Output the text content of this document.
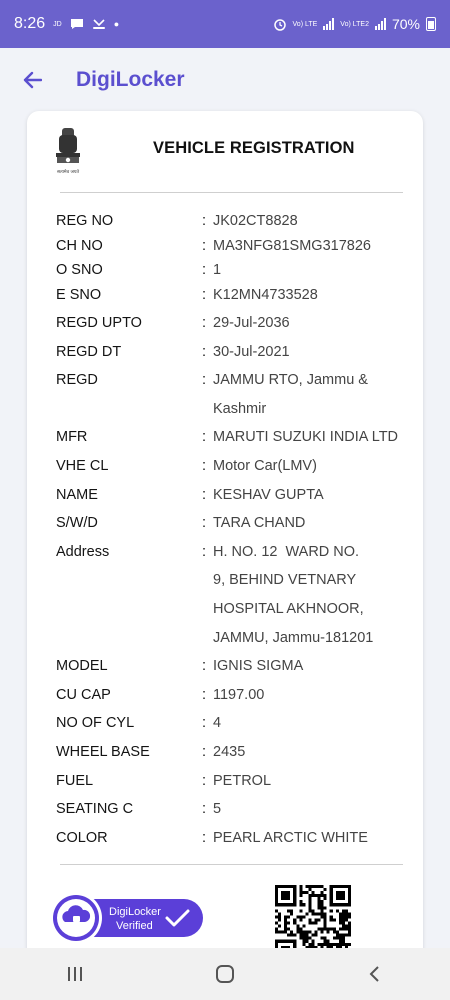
8:26 JD	●	Vo) LTE	Vo) LTE2 70%
DigiLocker
सत्यमेव जयते
VEHICLE REGISTRATION
REG NO	: JK02CT8828
CH NO	: MA3NFG81SMG317826
O SNO	: 1
E SNO	: K12MN4733528
REGD UPTO	: 29-Jul-2036
REGD DT	: 30-Jul-2021
REGD	: JAMMU RTO, Jammu &
Kashmir
MFR	: MARUTI SUZUKI INDIA LTD
VHE CL	: Motor Car(LMV)
NAME	: KESHAV GUPTA
S/W/D	: TARA CHAND
Address	: H. NO. 12  WARD NO.
9, BEHIND VETNARY
HOSPITAL AKHNOOR,
JAMMU, Jammu-181201
MODEL	: IGNIS SIGMA
CU CAP	: 1197.00
NO OF CYL	: 4
WHEEL BASE	: 2435
FUEL	: PETROL
SEATING C	: 5
COLOR	: PEARL ARCTIC WHITE
DigiLocker
Verified
